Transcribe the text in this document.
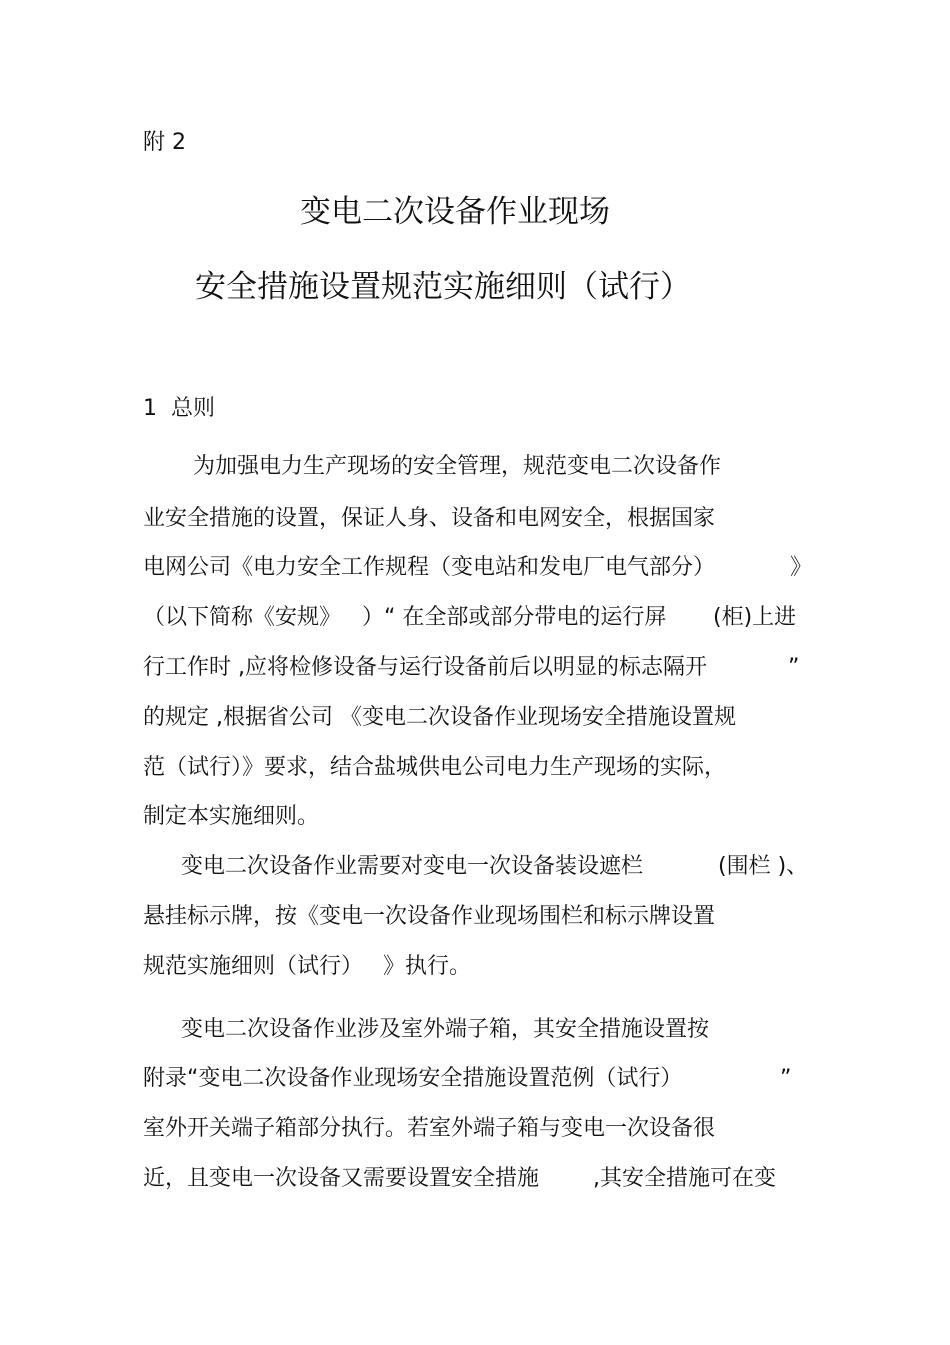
附 2
变电二次设备作业现场
安全措施设置规范实施细则（试行）
1  总则
为加强电力生产现场的安全管理，规范变电二次设备作
业安全措施的设置，保证人身、设备和电网安全，根据国家
电网公司《电力安全工作规程（变电站和发电厂电气部分）	》
（以下简称《安规》 ）“ 在全部或部分带电的运行屏 (柜)上进
行工作时 ,应将检修设备与运行设备前后以明显的标志隔开	”
的规定 ,根据省公司 《变电二次设备作业现场安全措施设置规
范（试行）》要求，结合盐城供电公司电力生产现场的实际，
制定本实施细则。
变电二次设备作业需要对变电一次设备装设遮栏	(围栏 )、
悬挂标示牌，按《变电一次设备作业现场围栏和标示牌设置
规范实施细则（试行） 》执行。
变电二次设备作业涉及室外端子箱，其安全措施设置按
附录“变电二次设备作业现场安全措施设置范例（试行）	”
室外开关端子箱部分执行。若室外端子箱与变电一次设备很
近，且变电一次设备又需要设置安全措施 ,其安全措施可在变
